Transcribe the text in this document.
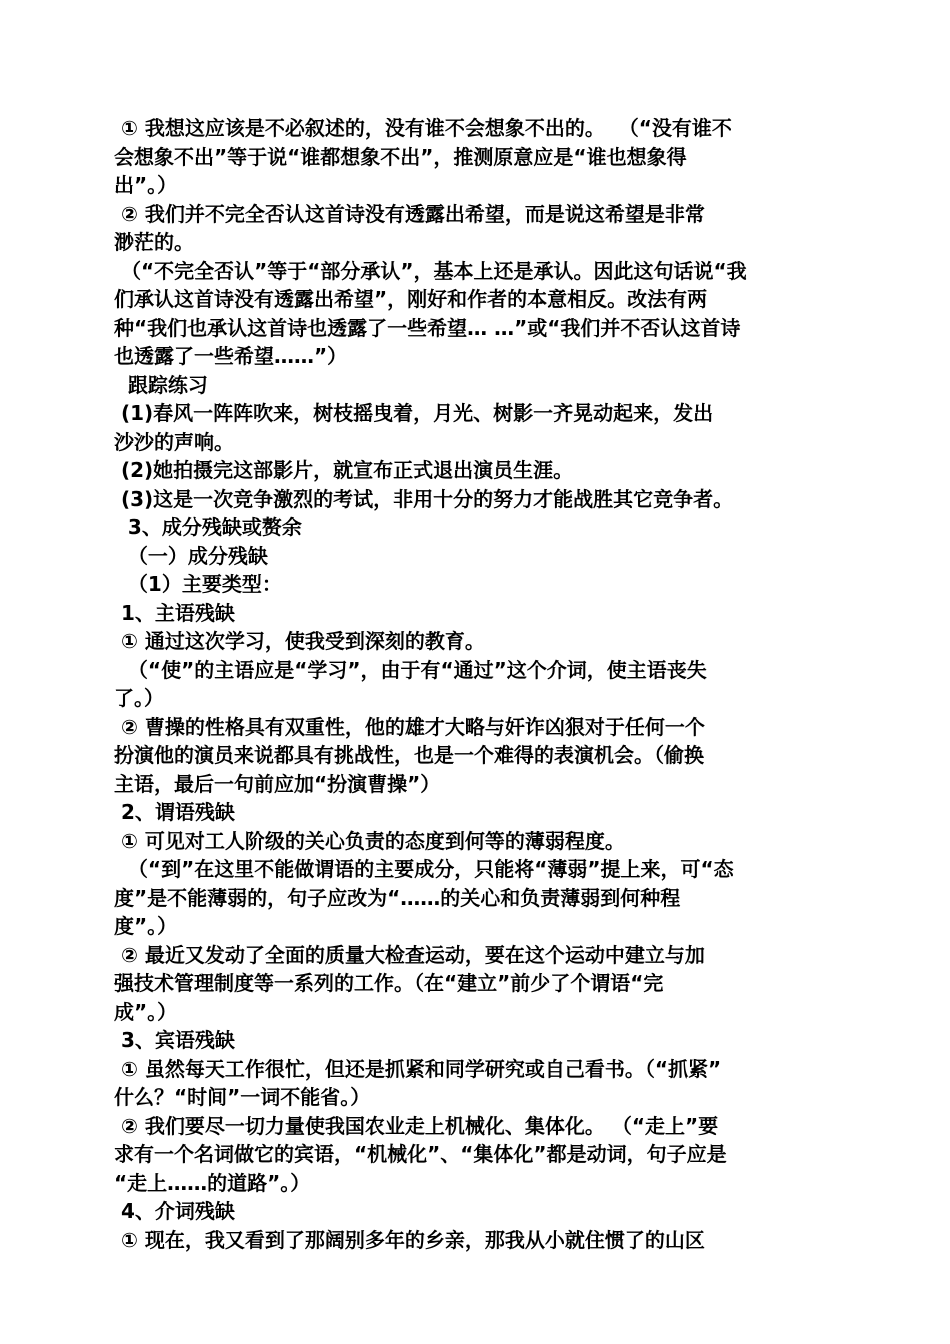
① 我想这应该是不必叙述的，没有谁不会想象不出的。  （“没有谁不
会想象不出”等于说“谁都想象不出”，推测原意应是“谁也想象得
出”。）
② 我们并不完全否认这首诗没有透露出希望，而是说这希望是非常
渺茫的。
（“不完全否认”等于“部分承认”，基本上还是承认。因此这句话说“我
们承认这首诗没有透露出希望”，刚好和作者的本意相反。改法有两
种“我们也承认这首诗也透露了一些希望… …”或“我们并不否认这首诗
也透露了一些希望……”）
跟踪练习
(1)春风一阵阵吹来，树枝摇曳着，月光、树影一齐晃动起来，发出
沙沙的声响。
(2)她拍摄完这部影片，就宣布正式退出演员生涯。
(3)这是一次竞争激烈的考试，非用十分的努力才能战胜其它竞争者。
3、成分残缺或赘余
（一）成分残缺
（1）主要类型：
1、主语残缺
① 通过这次学习，使我受到深刻的教育。
（“使”的主语应是“学习”，由于有“通过”这个介词，使主语丧失
了。）
② 曹操的性格具有双重性，他的雄才大略与奸诈凶狠对于任何一个
扮演他的演员来说都具有挑战性，也是一个难得的表演机会。（偷换
主语，最后一句前应加“扮演曹操”）
2、谓语残缺
① 可见对工人阶级的关心负责的态度到何等的薄弱程度。
（“到”在这里不能做谓语的主要成分，只能将“薄弱”提上来，可“态
度”是不能薄弱的，句子应改为“……的关心和负责薄弱到何种程
度”。）
② 最近又发动了全面的质量大检查运动，要在这个运动中建立与加
强技术管理制度等一系列的工作。（在“建立”前少了个谓语“完
成”。）
3、宾语残缺
① 虽然每天工作很忙，但还是抓紧和同学研究或自己看书。（“抓紧”
什么？“时间”一词不能省。）
② 我们要尽一切力量使我国农业走上机械化、集体化。 （“走上”要
求有一个名词做它的宾语，“机械化”、“集体化”都是动词，句子应是
“走上……的道路”。）
4、介词残缺
① 现在，我又看到了那阔别多年的乡亲，那我从小就住惯了的山区
